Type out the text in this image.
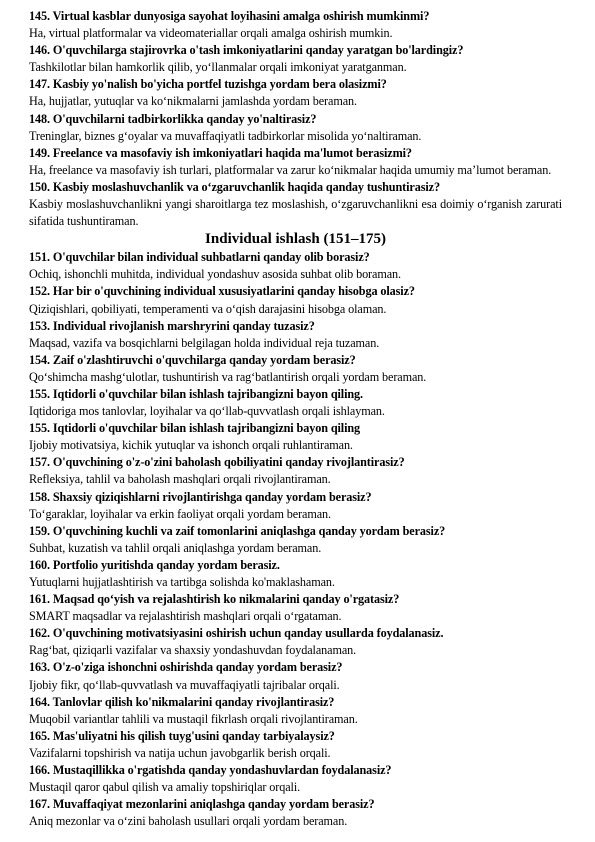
145. Virtual kasblar dunyosiga sayohat loyihasini amalga oshirish mumkinmi?
Ha, virtual platformalar va videomateriallar orqali amalga oshirish mumkin.
146. O'quvchilarga stajirovrka o'tash imkoniyatlarini qanday yaratgan bo'lardingiz?
Tashkilotlar bilan hamkorlik qilib, yo‘llanmalar orqali imkoniyat yaratganman.
147. Kasbiy yo'nalish bo'yicha portfel tuzishga yordam bera olasizmi?
Ha, hujjatlar, yutuqlar va ko‘nikmalarni jamlashda yordam beraman.
148. O'quvchilarni tadbirkorlikka qanday yo'naltirasiz?
Treninglar, biznes g‘oyalar va muvaffaqiyatli tadbirkorlar misolida yo‘naltiraman.
149. Freelance va masofaviy ish imkoniyatlari haqida ma'lumot berasizmi?
Ha, freelance va masofaviy ish turlari, platformalar va zarur ko‘nikmalar haqida umumiy ma’lumot beraman.
150. Kasbiy moslashuvchanlik va o‘zgaruvchanlik haqida qanday tushuntirasiz?
Kasbiy moslashuvchanlikni yangi sharoitlarga tez moslashish, o‘zgaruvchanlikni esa doimiy o‘rganish zarurati sifatida tushuntiraman.
Individual ishlash (151–175)
151. O'quvchilar bilan individual suhbatlarni qanday olib borasiz?
Ochiq, ishonchli muhitda, individual yondashuv asosida suhbat olib boraman.
152. Har bir o'quvchining individual xususiyatlarini qanday hisobga olasiz?
Qiziqishlari, qobiliyati, temperamenti va o‘qish darajasini hisobga olaman.
153. Individual rivojlanish marshryrini qanday tuzasiz?
Maqsad, vazifa va bosqichlarni belgilagan holda individual reja tuzaman.
154. Zaif o'zlashtiruvchi o'quvchilarga qanday yordam berasiz?
Qo‘shimcha mashg‘ulotlar, tushuntirish va rag‘batlantirish orqali yordam beraman.
155. Iqtidorli o'quvchilar bilan ishlash tajribangizni bayon qiling.
Iqtidoriga mos tanlovlar, loyihalar va qo‘llab-quvvatlash orqali ishlayman.
155. Iqtidorli o'quvchilar bilan ishlash tajribangizni bayon qiling
Ijobiy motivatsiya, kichik yutuqlar va ishonch orqali ruhlantiraman.
157. O'quvchining o'z-o'zini baholash qobiliyatini qanday rivojlantirasiz?
Refleksiya, tahlil va baholash mashqlari orqali rivojlantiraman.
158. Shaxsiy qiziqishlarni rivojlantirishga qanday yordam berasiz?
To‘garaklar, loyihalar va erkin faoliyat orqali yordam beraman.
159. O'quvchining kuchli va zaif tomonlarini aniqlashga qanday yordam berasiz?
Suhbat, kuzatish va tahlil orqali aniqlashga yordam beraman.
160. Portfolio yuritishda qanday yordam berasiz.
Yutuqlarni hujjatlashtirish va tartibga solishda ko'maklashaman.
161. Maqsad qo‘yish va rejalashtirish ko nikmalarini qanday o'rgatasiz?
SMART maqsadlar va rejalashtirish mashqlari orqali o‘rgataman.
162. O'quvchining motivatsiyasini oshirish uchun qanday usullarda foydalanasiz.
Rag‘bat, qiziqarli vazifalar va shaxsiy yondashuvdan foydalanaman.
163. O'z-o'ziga ishonchni oshirishda qanday yordam berasiz?
Ijobiy fikr, qo‘llab-quvvatlash va muvaffaqiyatli tajribalar orqali.
164. Tanlovlar qilish ko'nikmalarini qanday rivojlantirasiz?
Muqobil variantlar tahlili va mustaqil fikrlash orqali rivojlantiraman.
165. Mas'uliyatni his qilish tuyg'usini qanday tarbiyalaysiz?
Vazifalarni topshirish va natija uchun javobgarlik berish orqali.
166. Mustaqillikka o'rgatishda qanday yondashuvlardan foydalanasiz?
Mustaqil qaror qabul qilish va amaliy topshiriqlar orqali.
167. Muvaffaqiyat mezonlarini aniqlashga qanday yordam berasiz?
Aniq mezonlar va o‘zini baholash usullari orqali yordam beraman.
